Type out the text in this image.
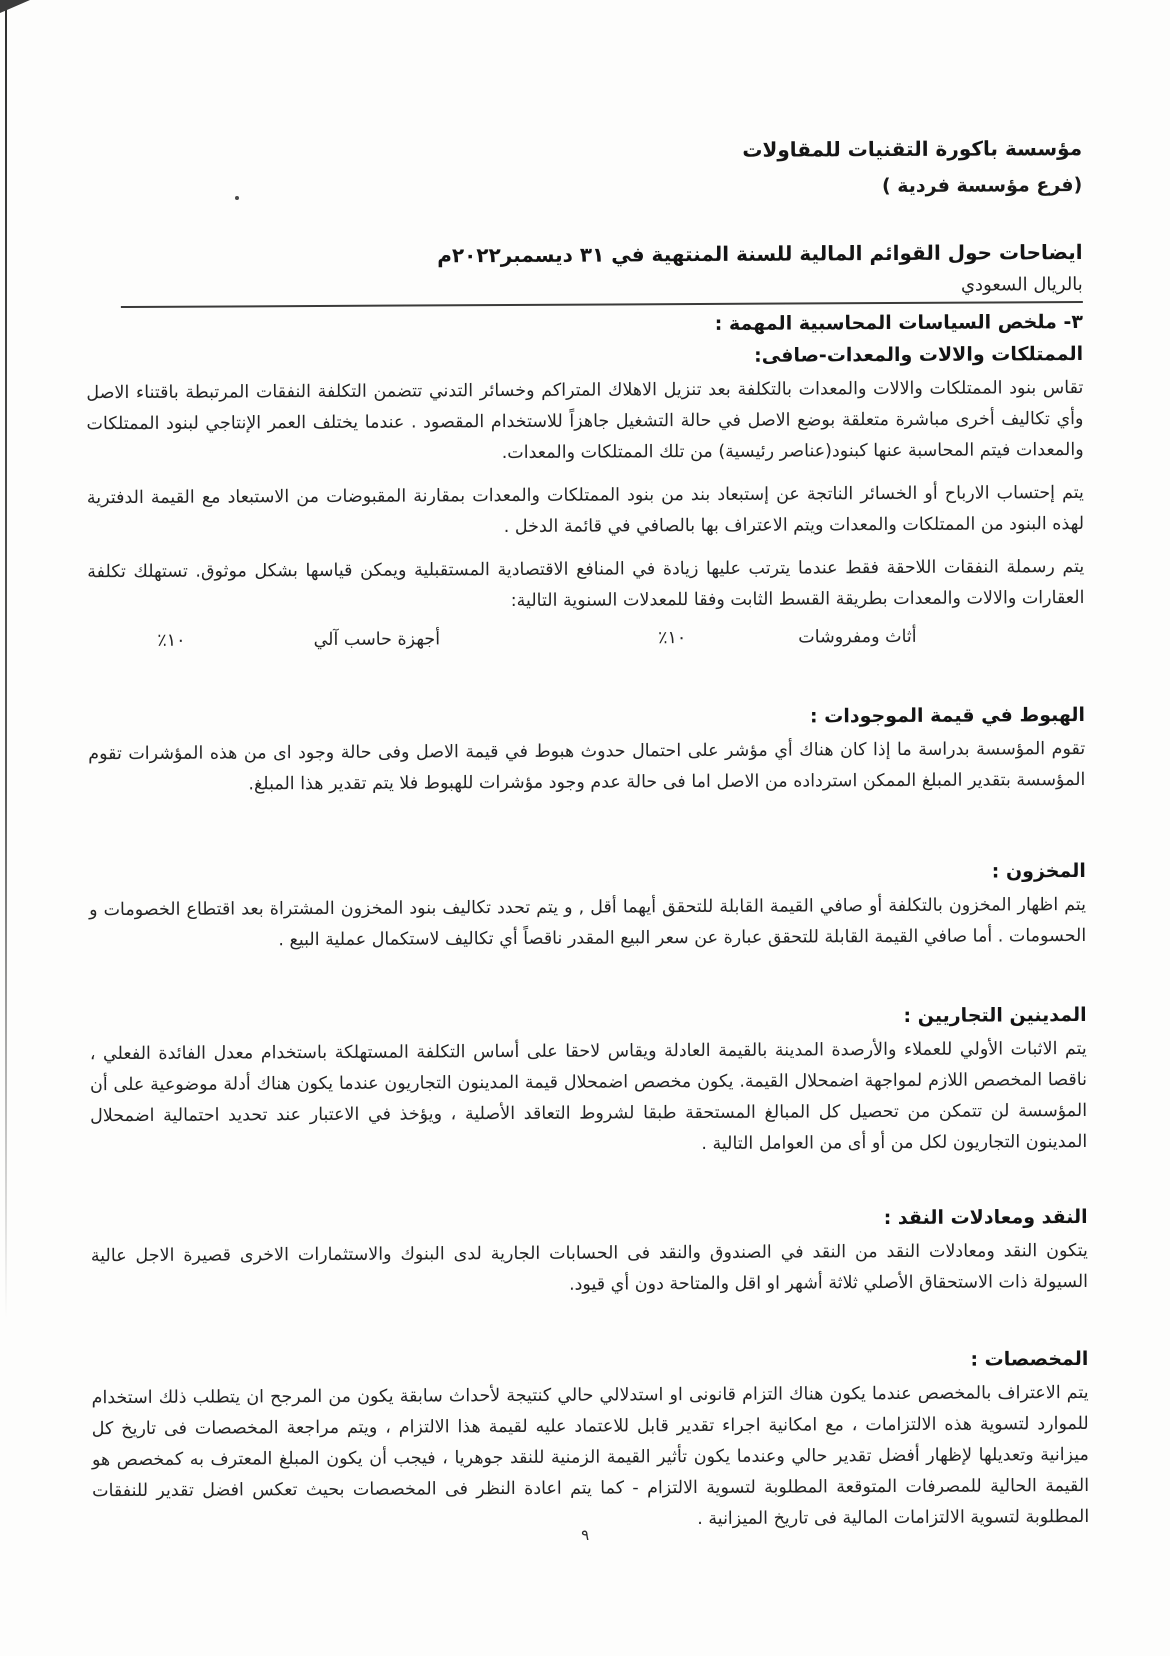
مؤسسة باكورة التقنيات للمقاولات

(فرع مؤسسة فردية )

ايضاحات حول القوائم المالية للسنة المنتهية في ٣١ ديسمبر٢٠٢٢م

بالريال السعودي

٣- ملخص السياسات المحاسبية المهمة :

الممتلكات والالات والمعدات-صافى:

تقاس بنود الممتلكات والالات والمعدات بالتكلفة بعد تنزيل الاهلاك المتراكم وخسائر التدني تتضمن التكلفة النفقات المرتبطة باقتناء الاصل وأي تكاليف أخرى مباشرة متعلقة بوضع الاصل في حالة التشغيل جاهزاً للاستخدام المقصود . عندما يختلف العمر الإنتاجي لبنود الممتلكات والمعدات فيتم المحاسبة عنها كبنود(عناصر رئيسية) من تلك الممتلكات والمعدات.

يتم إحتساب الارباح أو الخسائر الناتجة عن إستبعاد بند من بنود الممتلكات والمعدات بمقارنة المقبوضات من الاستبعاد مع القيمة الدفترية لهذه البنود من الممتلكات والمعدات ويتم الاعتراف بها بالصافي في قائمة الدخل .

يتم رسملة النفقات اللاحقة فقط عندما يترتب عليها زيادة في المنافع الاقتصادية المستقبلية ويمكن قياسها بشكل موثوق. تستهلك تكلفة العقارات والالات والمعدات بطريقة القسط الثابت وفقا للمعدلات السنوية التالية:

أثاث ومفروشات
١٠٪
أجهزة حاسب آلي
١٠٪

الهبوط في قيمة الموجودات :

تقوم المؤسسة بدراسة ما إذا كان هناك أي مؤشر على احتمال حدوث هبوط في قيمة الاصل وفى حالة وجود اى من هذه المؤشرات تقوم المؤسسة بتقدير المبلغ الممكن استرداده من الاصل اما فى حالة عدم وجود مؤشرات للهبوط فلا يتم تقدير هذا المبلغ.

المخزون :

يتم اظهار المخزون بالتكلفة أو صافي القيمة القابلة للتحقق أيهما أقل , و يتم تحدد تكاليف بنود المخزون المشتراة بعد اقتطاع الخصومات و الحسومات . أما صافي القيمة القابلة للتحقق عبارة عن سعر البيع المقدر ناقصاً أي تكاليف لاستكمال عملية البيع .

المدينين التجاريين :

يتم الاثبات الأولي للعملاء والأرصدة المدينة بالقيمة العادلة ويقاس لاحقا على أساس التكلفة المستهلكة باستخدام معدل الفائدة الفعلي ، ناقصا المخصص اللازم لمواجهة اضمحلال القيمة. يكون مخصص اضمحلال قيمة المدينون التجاريون عندما يكون هناك أدلة موضوعية على أن المؤسسة لن تتمكن من تحصيل كل المبالغ المستحقة طبقا لشروط التعاقد الأصلية ، ويؤخذ في الاعتبار عند تحديد احتمالية اضمحلال المدينون التجاريون لكل من أو أى من العوامل التالية .

النقد ومعادلات النقد :

يتكون النقد ومعادلات النقد من النقد في الصندوق والنقد فى الحسابات الجارية لدى البنوك والاستثمارات الاخرى قصيرة الاجل عالية السيولة ذات الاستحقاق الأصلي ثلاثة أشهر او اقل والمتاحة دون أي قيود.

المخصصات :

يتم الاعتراف بالمخصص عندما يكون هناك التزام قانونى او استدلالي حالي كنتيجة لأحداث سابقة يكون من المرجح ان يتطلب ذلك استخدام للموارد لتسوية هذه الالتزامات ، مع امكانية اجراء تقدير قابل للاعتماد عليه لقيمة هذا الالتزام ، ويتم مراجعة المخصصات فى تاريخ كل ميزانية وتعديلها لإظهار أفضل تقدير حالي وعندما يكون تأثير القيمة الزمنية للنقد جوهريا ، فيجب أن يكون المبلغ المعترف به كمخصص هو القيمة الحالية للمصرفات المتوقعة المطلوبة لتسوية الالتزام - كما يتم اعادة النظر فى المخصصات بحيث تعكس افضل تقدير للنفقات المطلوبة لتسوية الالتزامات المالية فى تاريخ الميزانية .

٩
